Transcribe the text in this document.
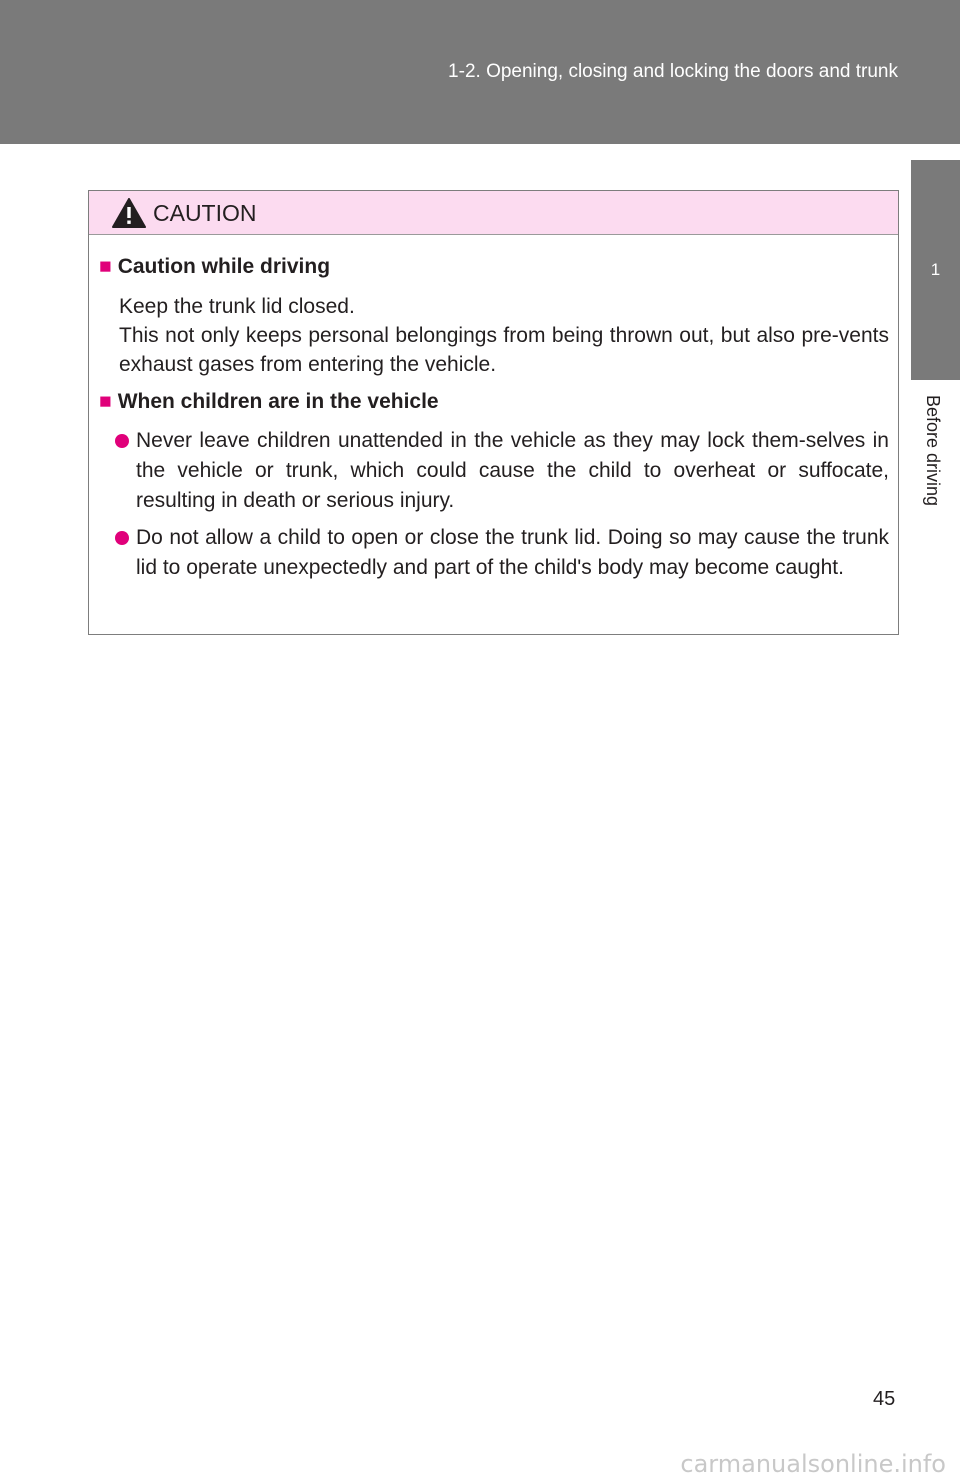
1-2. Opening, closing and locking the doors and trunk
1
Before driving
CAUTION
■ Caution while driving
Keep the trunk lid closed.
This not only keeps personal belongings from being thrown out, but also pre-vents exhaust gases from entering the vehicle.
■ When children are in the vehicle
Never leave children unattended in the vehicle as they may lock them-selves in the vehicle or trunk, which could cause the child to overheat or suffocate, resulting in death or serious injury.
Do not allow a child to open or close the trunk lid. Doing so may cause the trunk lid to operate unexpectedly and part of the child's body may become caught.
45
carmanualsonline.info
